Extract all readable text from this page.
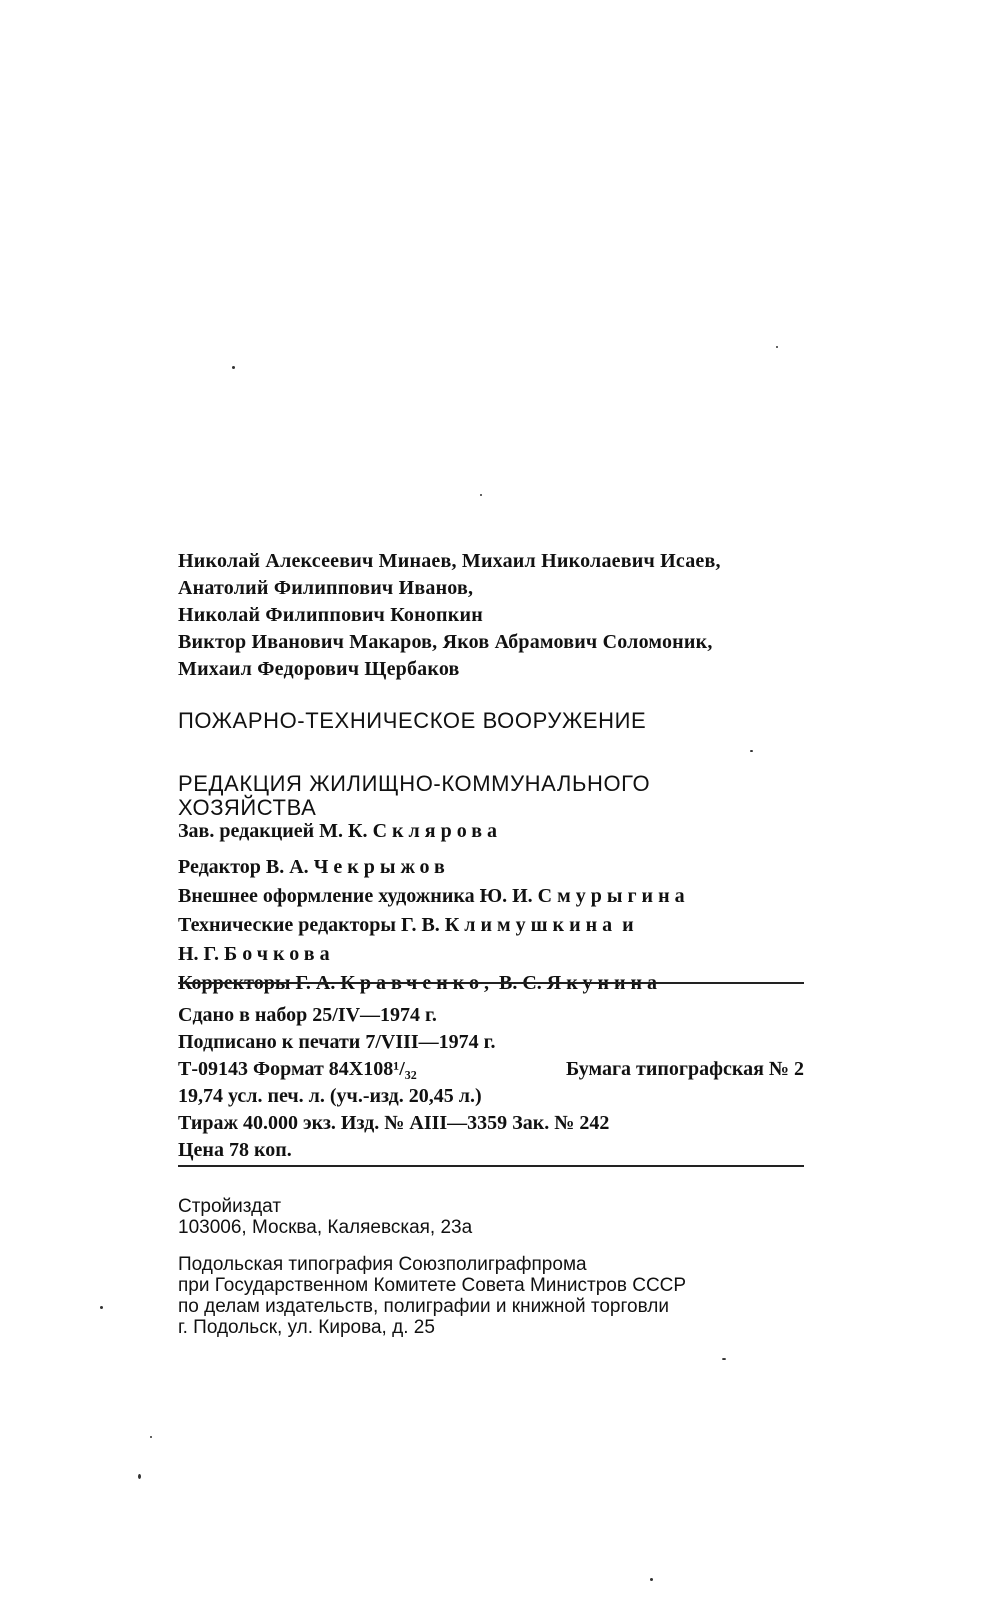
Николай Алексеевич Минаев, Михаил Николаевич Исаев,
Анатолий Филиппович Иванов,
Николай Филиппович Конопкин
Виктор Иванович Макаров, Яков Абрамович Соломоник,
Михаил Федорович Щербаков
ПОЖАРНО-ТЕХНИЧЕСКОЕ ВООРУЖЕНИЕ
РЕДАКЦИЯ ЖИЛИЩНО-КОММУНАЛЬНОГО
ХОЗЯЙСТВА
Зав. редакцией М. К. Склярова
Редактор В. А. Чекрыжов
Внешнее оформление художника Ю. И. Смурыгина
Технические редакторы Г. В. Климушкина и
Н. Г. Бочкова
Корректоры Г. А. Кравченко, В. С. Якунина
Сдано в набор 25/IV—1974 г.
Подписано к печати 7/VIII—1974 г.
Т-09143 Формат 84Х108¹/₃₂	Бумага типографская № 2
19,74 усл. печ. л. (уч.-изд. 20,45 л.)
Тираж 40.000 экз. Изд. № AIII—3359 Зак. № 242
Цена 78 коп.
Стройиздат
103006, Москва, Каляевская, 23а
Подольская типография Союзполиграфпрома
при Государственном Комитете Совета Министров СССР
по делам издательств, полиграфии и книжной торговли
г. Подольск, ул. Кирова, д. 25
